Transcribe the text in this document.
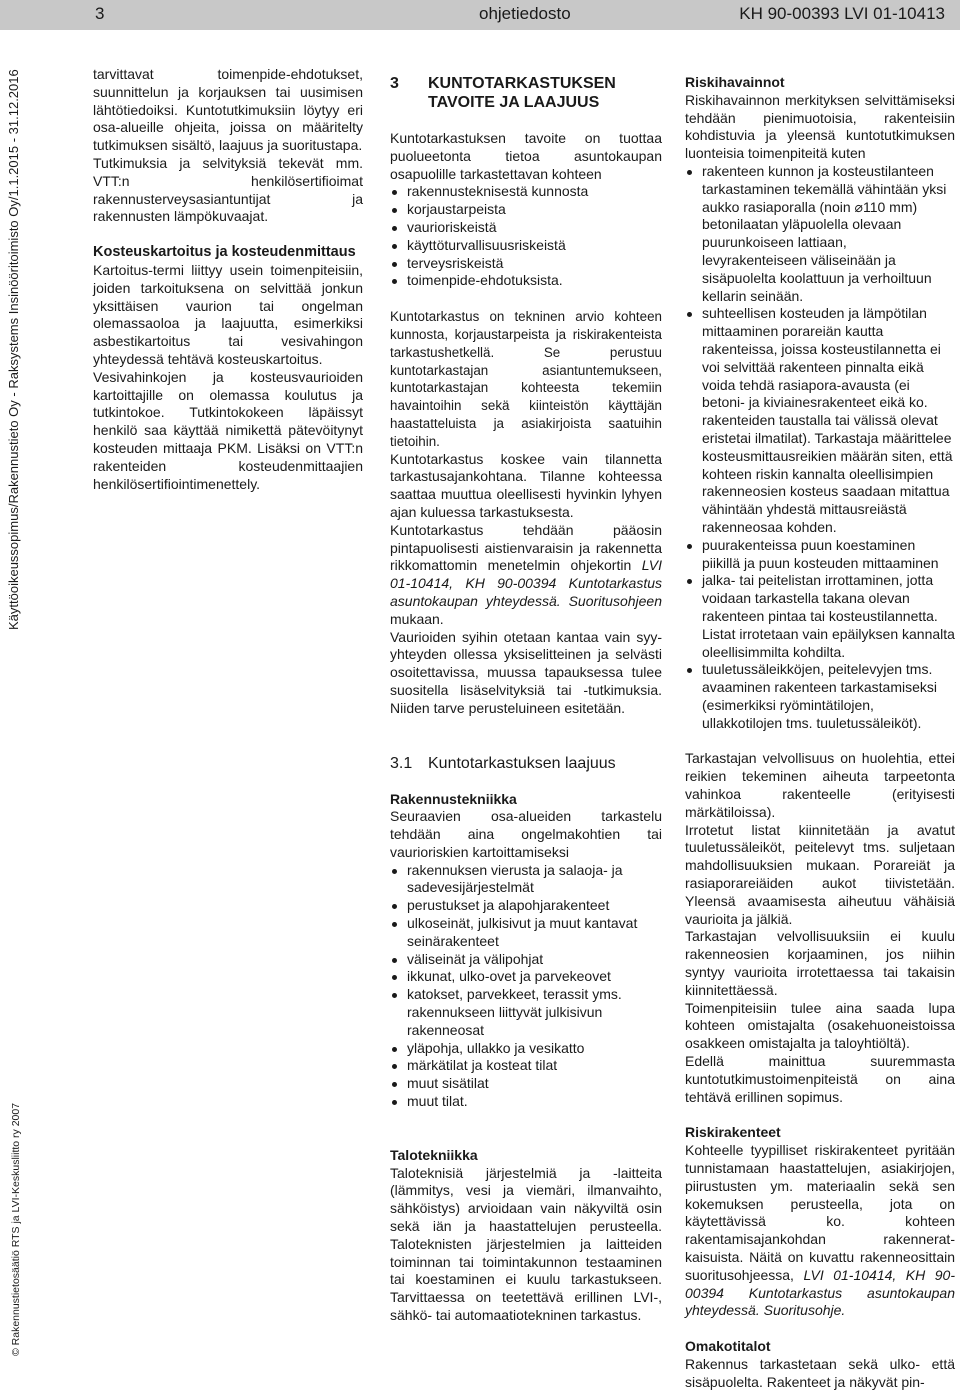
3	ohjetiedosto	KH 90-00393 LVI 01-10413
Käyttöoikeussopimus/Rakennustieto Oy - Raksystems Insinööritoimisto Oy/1.1.2015 - 31.12.2016
© Rakennustietosäätiö RTS ja LVI-Keskusliitto ry 2007

tarvittavat toimenpide-ehdotukset, suunnittelun ja korjauksen tai uusimisen lähtötiedoiksi. Kuntotutkimuksiin löytyy eri osa-alueille ohjeita, joissa on määritelty tutkimuksen sisältö, laajuus ja suoritustapa.

Tutkimuksia ja selvityksiä tekevät mm. VTT:n henkilösertifioimat rakennusterveysasiantuntijat ja rakennusten lämpökuvaajat.

Kosteuskartoitus ja kosteudenmittaus

Kartoitus-termi liittyy usein toimenpiteisiin, joiden tarkoituksena on selvittää jonkun yksittäisen vaurion tai ongelman olemassaoloa ja laajuutta, esimerkiksi asbestikartoitus tai vesivahingon yhteydessä tehtävä kosteuskartoitus.

Vesivahinkojen ja kosteusvaurioiden kartoittajille on olemassa koulutus ja tutkintokoe. Tutkintokokeen läpäissyt henkilö saa käyttää nimikettä pätevöitynyt kosteuden mittaaja PKM. Lisäksi on VTT:n rakenteiden kosteudenmittaajien henkilösertifiointimenettely.

3	KUNTOTARKASTUKSEN TAVOITE JA LAAJUUS

Kuntotarkastuksen tavoite on tuottaa puolueetonta tietoa asuntokaupan osapuolille tarkastettavan kohteen

rakennusteknisestä kunnosta
korjaustarpeista
vaurioriskeistä
käyttöturvallisuusriskeistä
terveysriskeistä
toimenpide-ehdotuksista.

Kuntotarkastus on tekninen arvio kohteen kunnosta, korjaustarpeista ja riskirakenteista tarkastushetkellä. Se perustuu kuntotarkastajan asiantuntemukseen, kuntotarkastajan kohteesta tekemiin havaintoihin sekä kiinteistön käyttäjän haastatteluista ja asiakirjoista saatuihin tietoihin.

Kuntotarkastus koskee vain tilannetta tarkastusajankohtana. Tilanne kohteessa saattaa muuttua oleellisesti hyvinkin lyhyen ajan kuluessa tarkastuksesta.

Kuntotarkastus tehdään pääosin pintapuolisesti aistienvaraisin ja rakennetta rikkomattomin menetelmin ohjekortin LVI 01-10414, KH 90-00394 Kuntotarkastus asuntokaupan yhteydessä. Suoritusohjeen mukaan.

Vaurioiden syihin otetaan kantaa vain syy-yhteyden ollessa yksiselitteinen ja selvästi osoitettavissa, muussa tapauksessa tulee suositella lisäselvityksiä tai -tutkimuksia. Niiden tarve perusteluineen esitetään.

3.1 Kuntotarkastuksen laajuus
Rakennustekniikka

Seuraavien osa-alueiden tarkastelu tehdään aina ongelmakohtien tai vaurioriskien kartoittamiseksi

rakennuksen vierusta ja salaoja- ja sadevesijärjestelmät
perustukset ja alapohjarakenteet
ulkoseinät, julkisivut ja muut kantavat seinärakenteet
väliseinät ja välipohjat
ikkunat, ulko-ovet ja parvekeovet
katokset, parvekkeet, terassit yms. rakennukseen liittyvät julkisivun rakenneosat
yläpohja, ullakko ja vesikatto
märkätilat ja kosteat tilat
muut sisätilat
muut tilat.
Talotekniikka

Taloteknisiä järjestelmiä ja -laitteita (lämmitys, vesi ja viemäri, ilmanvaihto, sähköistys) arvioidaan vain näkyviltä osin sekä iän ja haastattelujen perusteella. Taloteknisten järjestelmien ja laitteiden toiminnan tai toimintakunnon testaaminen tai koestaminen ei kuulu tarkastukseen. Tarvittaessa on teetettävä erillinen LVI-, sähkö- tai automaatiotekninen tarkastus.

Riskihavainnot

Riskihavainnon merkityksen selvittämiseksi tehdään pienimuotoisia, rakenteisiin kohdistuvia ja yleensä kuntotutkimuksen luonteisia toimenpiteitä kuten

rakenteen kunnon ja kosteustilanteen tarkastaminen tekemällä vähintään yksi aukko rasiaporalla (noin ⌀110 mm) betonilaatan yläpuolella olevaan puurunkoiseen lattiaan, levyrakenteiseen väliseinään ja sisäpuolelta koolattuun ja verhoiltuun kellarin seinään.
suhteellisen kosteuden ja lämpötilan mittaaminen porareiän kautta rakenteissa, joissa kosteustilannetta ei voi selvittää rakenteen pinnalta eikä voida tehdä rasiapora-avausta (ei betoni- ja kiviainesrakenteet eikä ko. rakenteiden taustalla tai välissä olevat eristetai ilmatilat). Tarkastaja määrittelee kosteusmittausreikien määrän siten, että kohteen riskin kannalta oleellisimpien rakenneosien kosteus saadaan mitattua vähintään yhdestä mittausreiästä rakenneosaa kohden.
puurakenteissa puun koestaminen piikillä ja puun kosteuden mittaaminen
jalka- tai peitelistan irrottaminen, jotta voidaan tarkastella takana olevan rakenteen pintaa tai kosteustilannetta. Listat irrotetaan vain epäilyksen kannalta oleellisimmilta kohdilta.
tuuletussäleikköjen, peitelevyjen tms. avaaminen rakenteen tarkastamiseksi (esimerkiksi ryömintätilojen, ullakkotilojen tms. tuuletussäleiköt).

Tarkastajan velvollisuus on huolehtia, ettei reikien tekeminen aiheuta tarpeetonta vahinkoa rakenteelle (erityisesti märkätiloissa).

Irrotetut listat kiinnitetään ja avatut tuuletussäleiköt, peitelevyt tms. suljetaan mahdollisuuksien mukaan. Porareiät ja rasiaporareiäiden aukot tiivistetään. Yleensä avaamisesta aiheutuu vähäisiä vaurioita ja jälkiä.

Tarkastajan velvollisuuksiin ei kuulu rakenneosien korjaaminen, jos niihin syntyy vaurioita irrotettaessa tai takaisin kiinnitettäessä.

Toimenpiteisiin tulee aina saada lupa kohteen omistajalta (osakehuoneistoissa osakkeen omistajalta ja taloyhtiöltä).

Edellä mainittua suuremmasta kuntotutkimustoimenpiteistä on aina tehtävä erillinen sopimus.

Riskirakenteet

Kohteelle tyypilliset riskirakenteet pyritään tunnistamaan haastattelujen, asiakirjojen, piirustusten ym. materiaalin sekä sen kokemuksen perusteella, jota on käytettävissä ko. kohteen rakentamisajankohdan rakenneratkaisuista. Näitä on kuvattu rakenneosittain suoritusohjeessa, LVI 01-10414, KH 90-00394 Kuntotarkastus asuntokaupan yhteydessä. Suoritusohje.

Omakotitalot

Rakennus tarkastetaan sekä ulko- että sisäpuolelta. Rakenteet ja näkyvät pin-
